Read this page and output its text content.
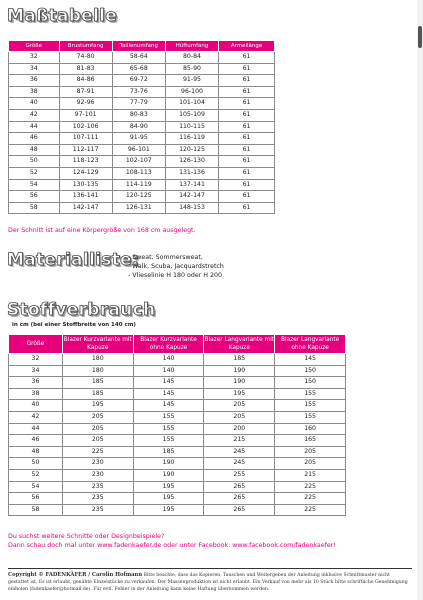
Maßtabelle
Größe	Brustumfang	Taillenumfang	Hüftumfang	Armellänge
32	74-80	58-64	80-84	61
34	81-83	65-68	85-90	61
36	84-86	69-72	91-95	61
38	87-91	73-76	96-100	61
40	92-96	77-79	101-104	61
42	97-101	80-83	105-109	61
44	102-106	84-90	110-115	61
46	107-111	91-95	116-119	61
48	112-117	96-101	120-125	61
50	118-123	102-107	126-130	61
52	124-129	108-113	131-136	61
54	130-135	114-119	137-141	61
56	136-141	120-125	142-147	61
58	142-147	126-131	148-153	61
Der Schnitt ist auf eine Körpergröße von 168 cm ausgelegt.
Materialliste:
- Sweat, Sommersweat,
Walk, Scuba, Jacquardstretch
- Vlieselinie H 180 oder H 200
Stoffverbrauch
in cm (bei einer Stoffbreite von 140 cm)
Größe	Blazer Kurzvariante mit Kapuze	Blazer Kurzvariante ohne Kapuze	Blazer Langvariante mit Kapuze	Blazer Langvariante ohne Kapuze
32	180	140	185	145
34	180	140	190	150
36	185	145	190	150
38	185	145	195	155
40	195	145	205	155
42	205	155	205	155
44	205	155	200	160
46	205	155	215	165
48	225	185	245	205
50	230	190	245	205
52	230	190	255	215
54	235	195	265	225
56	235	195	265	225
58	235	195	265	225
Du suchst weitere Schnitte oder Designbeispiele?
Dann schau doch mal unter www.fadenkaefer.de oder unter Facebook: www.facebook.com/fadenkaefer!
Copyright © FADENKÄFER / Carolin Hofmann Bitte beachte, dass das Kopieren, Tauschen und Weitergeben der Anleitung inklusive Schnittmuster nicht gestattet ist. Es ist erlaubt, genähte Einzelstücke zu verkaufen. Der Massenproduktion ist nicht erlaubt. Ein Verkauf von mehr als 10 Stück bitte schriftliche Genehmigung einholen (fadenkaefer@hotmail.de). Für evtl. Fehler in der Anleitung kann keine Haftung übernommen werden.
